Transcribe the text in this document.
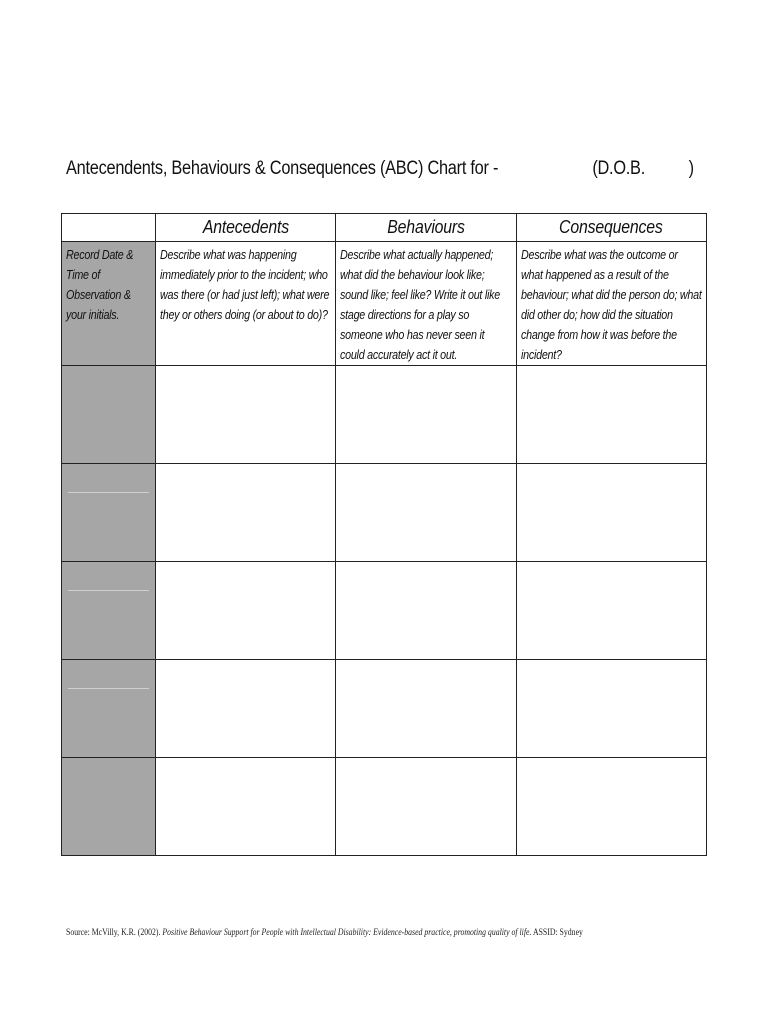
Antecendents, Behaviours & Consequences (ABC) Chart for -	(D.O.B. )
	Antecedents	Behaviours	Consequences

Record Date & Time of Observation & your initials.	Describe what was happening immediately prior to the incident; who was there (or had just left); what were they or others doing (or about to do)?	Describe what actually happened; what did the behaviour look like; sound like; feel like? Write it out like stage directions for a play so someone who has never seen it could accurately act it out.	Describe what was the outcome or what happened as a result of the behaviour; what did the person do; what did other do; how did the situation change from how it was before the incident?

Source: McVilly, K.R. (2002). Positive Behaviour Support for People with Intellectual Disability: Evidence-based practice, promoting quality of life. ASSID: Sydney
